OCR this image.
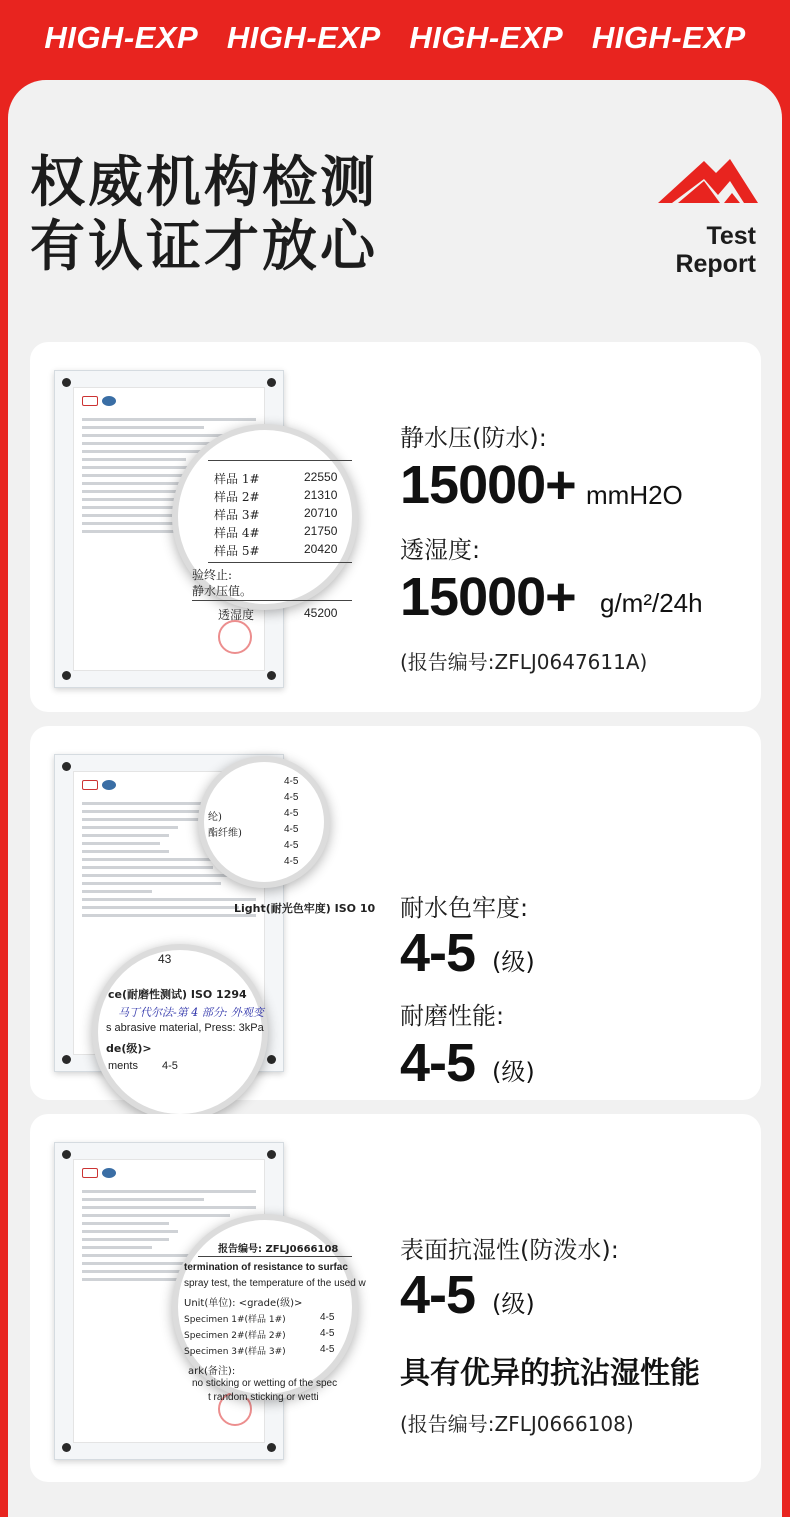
HIGH-EXP HIGH-EXP HIGH-EXP HIGH-EXP
权威机构检测
有认证才放心	Test
Report
样品 1#	22550
样品 2#	21310
样品 3#	20710
样品 4#	21750
样品 5#	20420
验终止:
静水压值。
透湿度	45200
静水压(防水):
15000+ mmH2O
透湿度:
15000+ g/m²/24h
(报告编号:ZFLJ0647611A)
4-5
4-5
纶)	4-5
酯纤维)	4-5
4-5
4-5
Light(耐光色牢度) ISO 10
43
ce(耐磨性测试) ISO 1294
马丁代尔法-第 4 部分: 外观变
s abrasive material, Press: 3kPa
de(级)>
ments 4-5
耐水色牢度:
4-5 (级)
耐磨性能:
4-5 (级)
报告编号: ZFLJ0666108
termination of resistance to surfac
spray test, the temperature of the used w
Unit(单位): <grade(级)>
Specimen 1#(样品 1#)	4-5
Specimen 2#(样品 2#)	4-5
Specimen 3#(样品 3#)	4-5
ark(备注):
no sticking or wetting of the spec
t random sticking or wetti
表面抗湿性(防泼水):
4-5 (级)
具有优异的抗沾湿性能
(报告编号:ZFLJ0666108)
